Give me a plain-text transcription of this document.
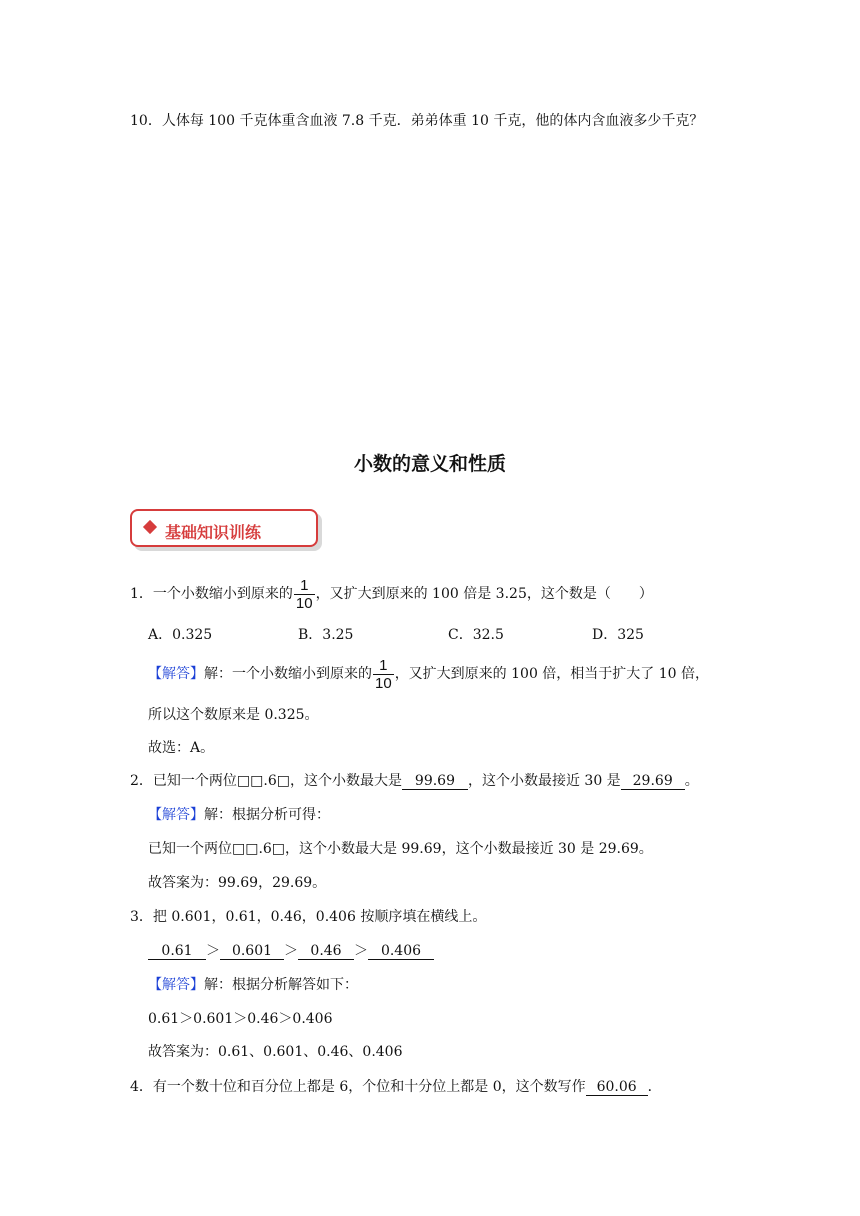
10．人体每 100 千克体重含血液 7.8 千克．弟弟体重 10 千克，他的体内含血液多少千克？
小数的意义和性质
基础知识训练
1．一个小数缩小到原来的 $\frac{1}{10}$ ，又扩大到原来的 100 倍是 3.25，这个数是（　　）
A．0.325	B．3.25	C．32.5	D．325
【解答】解：一个小数缩小到原来的 $\frac{1}{10}$ ，又扩大到原来的 100 倍，相当于扩大了 10 倍，
所以这个数原来是 0.325。
故选：A。
2．已知一个两位□□.6□，这个小数最大是 99.69 ，这个小数最接近 30 是 29.69 。
【解答】解：根据分析可得：
已知一个两位□□.6□，这个小数最大是 99.69，这个小数最接近 30 是 29.69。
故答案为：99.69，29.69。
3．把 0.601，0.61，0.46，0.406 按顺序填在横线上。
0.61 ＞ 0.601 ＞ 0.46 ＞ 0.406
【解答】解：根据分析解答如下：
0.61＞0.601＞0.46＞0.406
故答案为：0.61、0.601、0.46、0.406
4．有一个数十位和百分位上都是 6，个位和十分位上都是 0，这个数写作 60.06 ．
